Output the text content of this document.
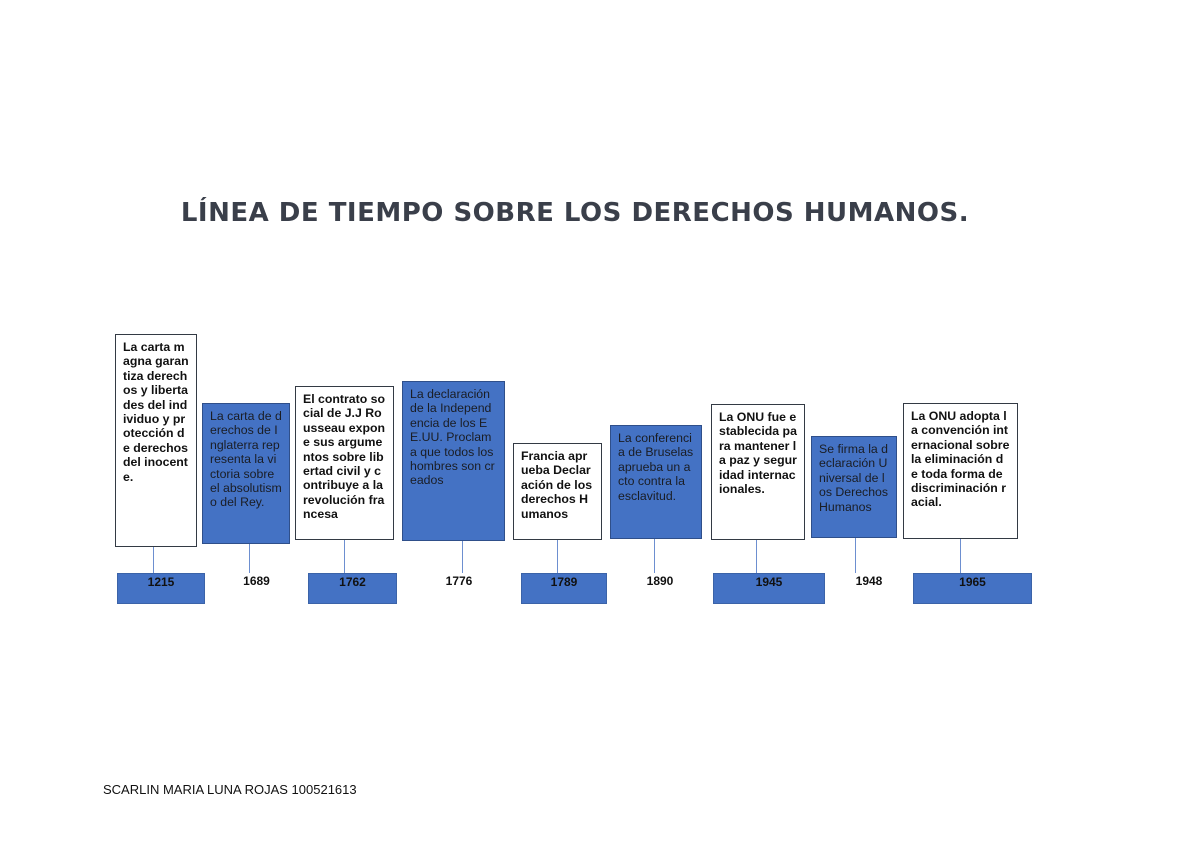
LÍNEA DE TIEMPO SOBRE LOS DERECHOS HUMANOS.
La carta magna garantiza derechos y libertades del individuo y protección de derechos del inocente.
La carta de derechos de Inglaterra representa la victoria sobre el absolutismo del Rey.
El contrato social de J.J Rousseau expone sus argumentos sobre libertad civil y contribuye a la revolución francesa
La declaración de la Independencia de los EE.UU. Proclama que todos los hombres son creados
Francia aprueba Declaración de los derechos Humanos
La conferencia de Bruselas aprueba un acto contra la esclavitud.
La ONU fue establecida para mantener la paz y seguridad internacionales.
Se firma la declaración Universal de los Derechos Humanos
La ONU adopta la convención internacional sobre la eliminación de toda forma de discriminación racial.
1215	1689	1762	1776	1789	1890	1945	1948	1965
SCARLIN MARIA LUNA ROJAS 100521613
